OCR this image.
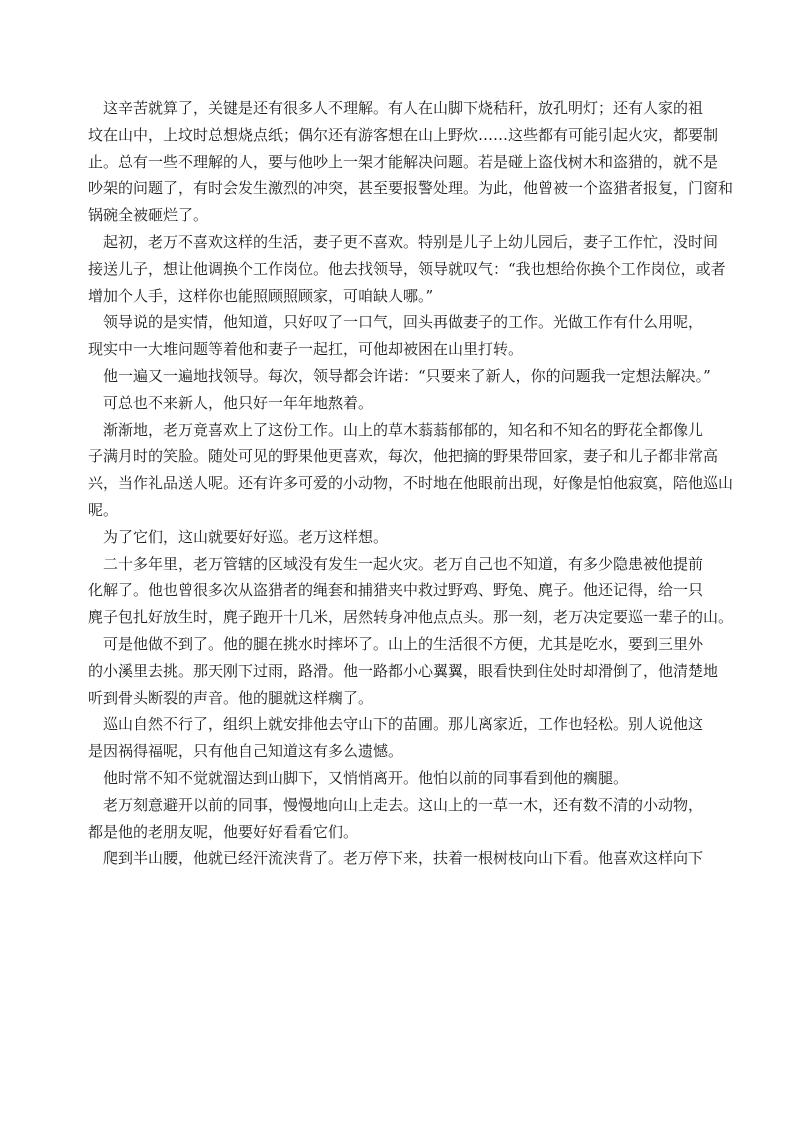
这辛苦就算了，关键是还有很多人不理解。有人在山脚下烧秸秆，放孔明灯；还有人家的祖
坟在山中，上坟时总想烧点纸；偶尔还有游客想在山上野炊……这些都有可能引起火灾，都要制
止。总有一些不理解的人，要与他吵上一架才能解决问题。若是碰上盗伐树木和盗猎的，就不是
吵架的问题了，有时会发生激烈的冲突，甚至要报警处理。为此，他曾被一个盗猎者报复，门窗和
锅碗全被砸烂了。
起初，老万不喜欢这样的生活，妻子更不喜欢。特别是儿子上幼儿园后，妻子工作忙，没时间
接送儿子，想让他调换个工作岗位。他去找领导，领导就叹气：“我也想给你换个工作岗位，或者
增加个人手，这样你也能照顾照顾家，可咱缺人哪。”
领导说的是实情，他知道，只好叹了一口气，回头再做妻子的工作。光做工作有什么用呢，
现实中一大堆问题等着他和妻子一起扛，可他却被困在山里打转。
他一遍又一遍地找领导。每次，领导都会许诺：“只要来了新人，你的问题我一定想法解决。”
可总也不来新人，他只好一年年地熬着。
渐渐地，老万竟喜欢上了这份工作。山上的草木蓊蓊郁郁的，知名和不知名的野花全都像儿
子满月时的笑脸。随处可见的野果他更喜欢，每次，他把摘的野果带回家，妻子和儿子都非常高
兴，当作礼品送人呢。还有许多可爱的小动物，不时地在他眼前出现，好像是怕他寂寞，陪他巡山
呢。
为了它们，这山就要好好巡。老万这样想。
二十多年里，老万管辖的区域没有发生一起火灾。老万自己也不知道，有多少隐患被他提前
化解了。他也曾很多次从盗猎者的绳套和捕猎夹中救过野鸡、野兔、麂子。他还记得，给一只
麂子包扎好放生时，麂子跑开十几米，居然转身冲他点点头。那一刻，老万决定要巡一辈子的山。
可是他做不到了。他的腿在挑水时摔坏了。山上的生活很不方便，尤其是吃水，要到三里外
的小溪里去挑。那天刚下过雨，路滑。他一路都小心翼翼，眼看快到住处时却滑倒了，他清楚地
听到骨头断裂的声音。他的腿就这样瘸了。
巡山自然不行了，组织上就安排他去守山下的苗圃。那儿离家近，工作也轻松。别人说他这
是因祸得福呢，只有他自己知道这有多么遗憾。
他时常不知不觉就溜达到山脚下，又悄悄离开。他怕以前的同事看到他的瘸腿。
老万刻意避开以前的同事，慢慢地向山上走去。这山上的一草一木，还有数不清的小动物，
都是他的老朋友呢，他要好好看看它们。
爬到半山腰，他就已经汗流浃背了。老万停下来，扶着一根树枝向山下看。他喜欢这样向下
